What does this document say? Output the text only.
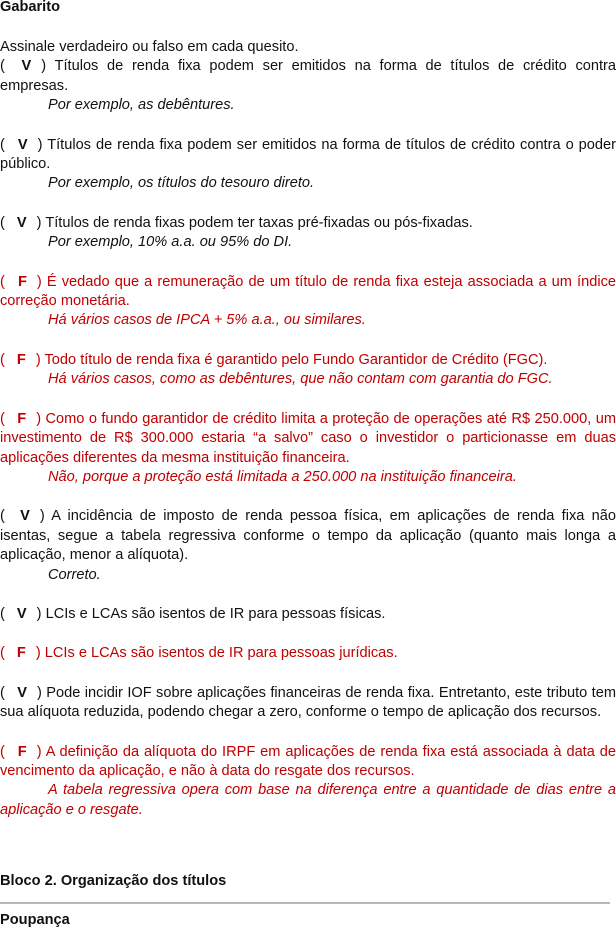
Gabarito

Assinale verdadeiro ou falso em cada quesito.

( V ) Títulos de renda fixa podem ser emitidos na forma de títulos de crédito contra empresas.

Por exemplo, as debêntures.

( V ) Títulos de renda fixa podem ser emitidos na forma de títulos de crédito contra o poder público.

Por exemplo, os títulos do tesouro direto.

( V ) Títulos de renda fixas podem ter taxas pré-fixadas ou pós-fixadas.

Por exemplo, 10% a.a. ou 95% do DI.

( F ) É vedado que a remuneração de um título de renda fixa esteja associada a um índice correção monetária.

Há vários casos de IPCA + 5% a.a., ou similares.

( F ) Todo título de renda fixa é garantido pelo Fundo Garantidor de Crédito (FGC).

Há vários casos, como as debêntures, que não contam com garantia do FGC.

( F ) Como o fundo garantidor de crédito limita a proteção de operações até R$ 250.000, um investimento de R$ 300.000 estaria “a salvo” caso o investidor o particionasse em duas aplicações diferentes da mesma instituição financeira.

Não, porque a proteção está limitada a 250.000 na instituição financeira.

( V ) A incidência de imposto de renda pessoa física, em aplicações de renda fixa não isentas, segue a tabela regressiva conforme o tempo da aplicação (quanto mais longa a aplicação, menor a alíquota).

Correto.

( V ) LCIs e LCAs são isentos de IR para pessoas físicas.

( F ) LCIs e LCAs são isentos de IR para pessoas jurídicas.

( V ) Pode incidir IOF sobre aplicações financeiras de renda fixa. Entretanto, este tributo tem sua alíquota reduzida, podendo chegar a zero, conforme o tempo de aplicação dos recursos.

( F ) A definição da alíquota do IRPF em aplicações de renda fixa está associada à data de vencimento da aplicação, e não à data do resgate dos recursos.

A tabela regressiva opera com base na diferença entre a quantidade de dias entre a aplicação e o resgate.

Bloco 2. Organização dos títulos

Poupança
